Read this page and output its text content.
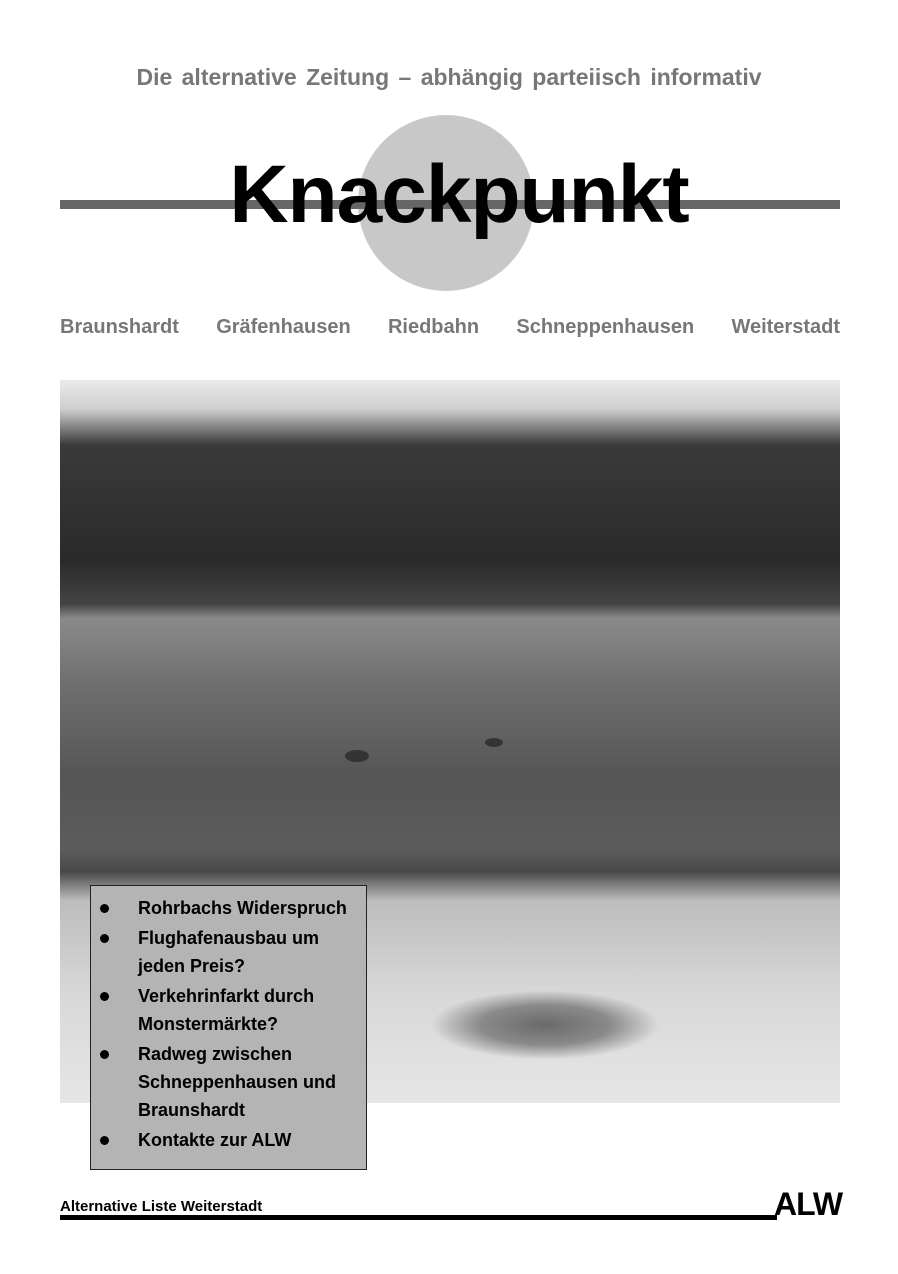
Die alternative Zeitung – abhängig parteiisch informativ
Knackpunkt
Braunshardt Gräfenhausen Riedbahn Schneppenhausen Weiterstadt
Rohrbachs Widerspruch
Flughafenausbau um jeden Preis?
Verkehrinfarkt durch Monstermärkte?
Radweg zwischen Schneppenhausen und Braunshardt
Kontakte zur ALW
Alternative Liste Weiterstadt	ALW
